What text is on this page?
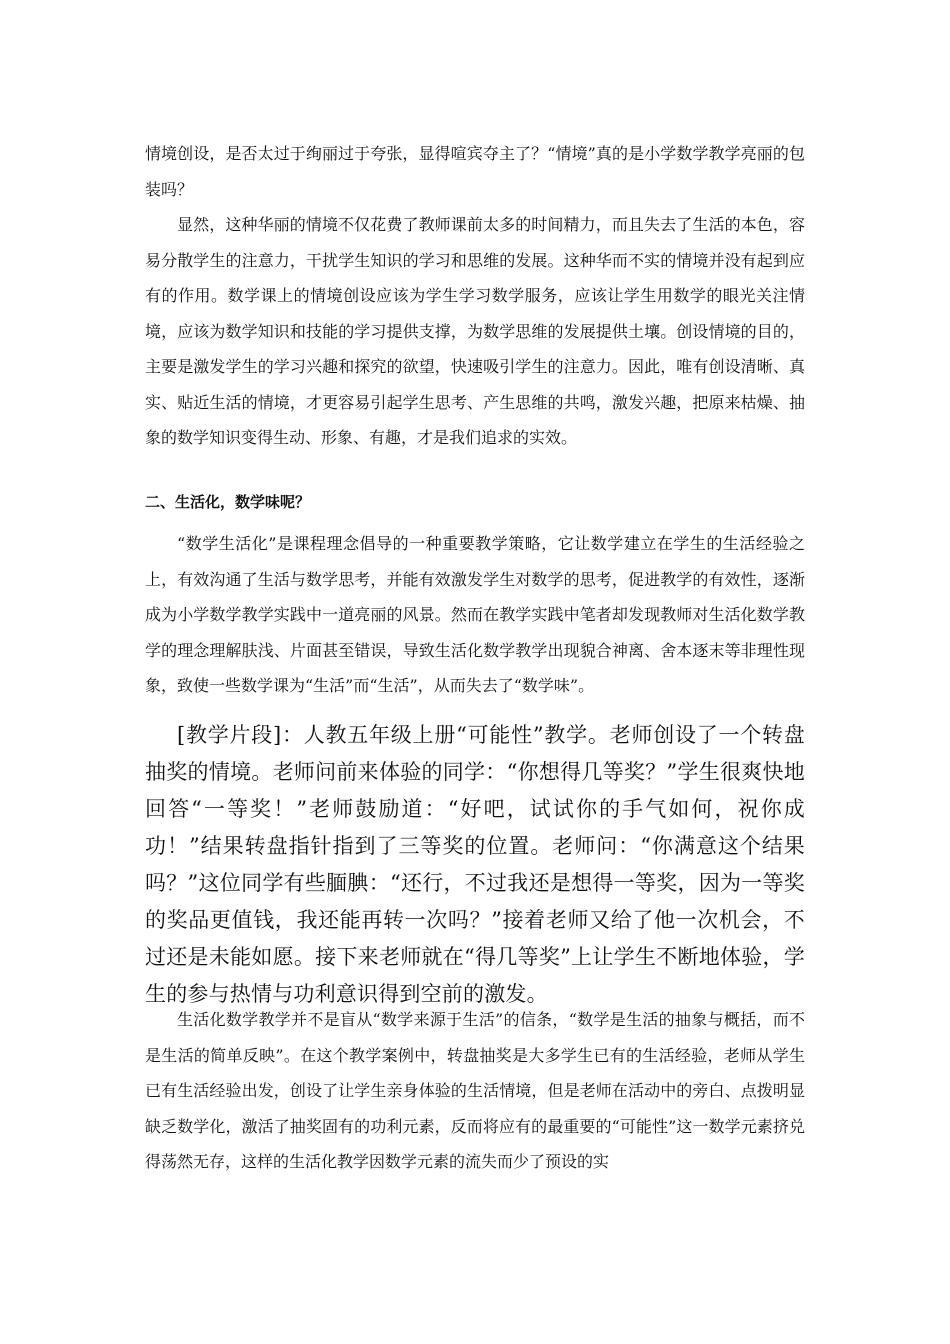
情境创设，是否太过于绚丽过于夸张，显得喧宾夺主了？“情境”真的是小学数学教学亮丽的包装吗？

显然，这种华丽的情境不仅花费了教师课前太多的时间精力，而且失去了生活的本色，容易分散学生的注意力，干扰学生知识的学习和思维的发展。这种华而不实的情境并没有起到应有的作用。数学课上的情境创设应该为学生学习数学服务，应该让学生用数学的眼光关注情境，应该为数学知识和技能的学习提供支撑，为数学思维的发展提供土壤。创设情境的目的，主要是激发学生的学习兴趣和探究的欲望，快速吸引学生的注意力。因此，唯有创设清晰、真实、贴近生活的情境，才更容易引起学生思考、产生思维的共鸣，激发兴趣，把原来枯燥、抽象的数学知识变得生动、形象、有趣，才是我们追求的实效。

二、生活化，数学味呢？

“数学生活化”是课程理念倡导的一种重要教学策略，它让数学建立在学生的生活经验之上，有效沟通了生活与数学思考，并能有效激发学生对数学的思考，促进教学的有效性，逐渐成为小学数学教学实践中一道亮丽的风景。然而在教学实践中笔者却发现教师对生活化数学教学的理念理解肤浅、片面甚至错误，导致生活化数学教学出现貌合神离、舍本逐末等非理性现象，致使一些数学课为“生活”而“生活”，从而失去了“数学味”。

[教学片段]：人教五年级上册“可能性”教学。老师创设了一个转盘抽奖的情境。老师问前来体验的同学：“你想得几等奖？”学生很爽快地回答“一等奖！”老师鼓励道：“好吧，试试你的手气如何，祝你成功！”结果转盘指针指到了三等奖的位置。老师问：“你满意这个结果吗？”这位同学有些腼腆：“还行，不过我还是想得一等奖，因为一等奖的奖品更值钱，我还能再转一次吗？”接着老师又给了他一次机会，不过还是未能如愿。接下来老师就在“得几等奖”上让学生不断地体验，学生的参与热情与功利意识得到空前的激发。

生活化数学教学并不是盲从“数学来源于生活”的信条，“数学是生活的抽象与概括，而不是生活的简单反映”。在这个教学案例中，转盘抽奖是大多学生已有的生活经验，老师从学生已有生活经验出发，创设了让学生亲身体验的生活情境，但是老师在活动中的旁白、点拨明显缺乏数学化，激活了抽奖固有的功利元素，反而将应有的最重要的“可能性”这一数学元素挤兑得荡然无存，这样的生活化教学因数学元素的流失而少了预设的实
